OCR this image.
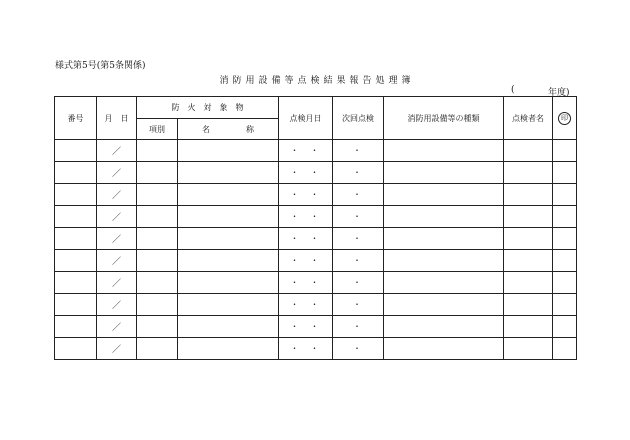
様式第5号(第5条関係)
消防用設備等点検結果報告処理簿
(	年度)
番号	月　日	防　火　対　象　物		点検月日	次回点検	消防用設備等の種類	点検者名	印
		項別	名 称					
	／			・　・	・			
	／			・　・	・			
	／			・　・	・			
	／			・　・	・			
	／			・　・	・			
	／			・　・	・			
	／			・　・	・			
	／			・　・	・			
	／			・　・	・			
	／			・　・	・			
